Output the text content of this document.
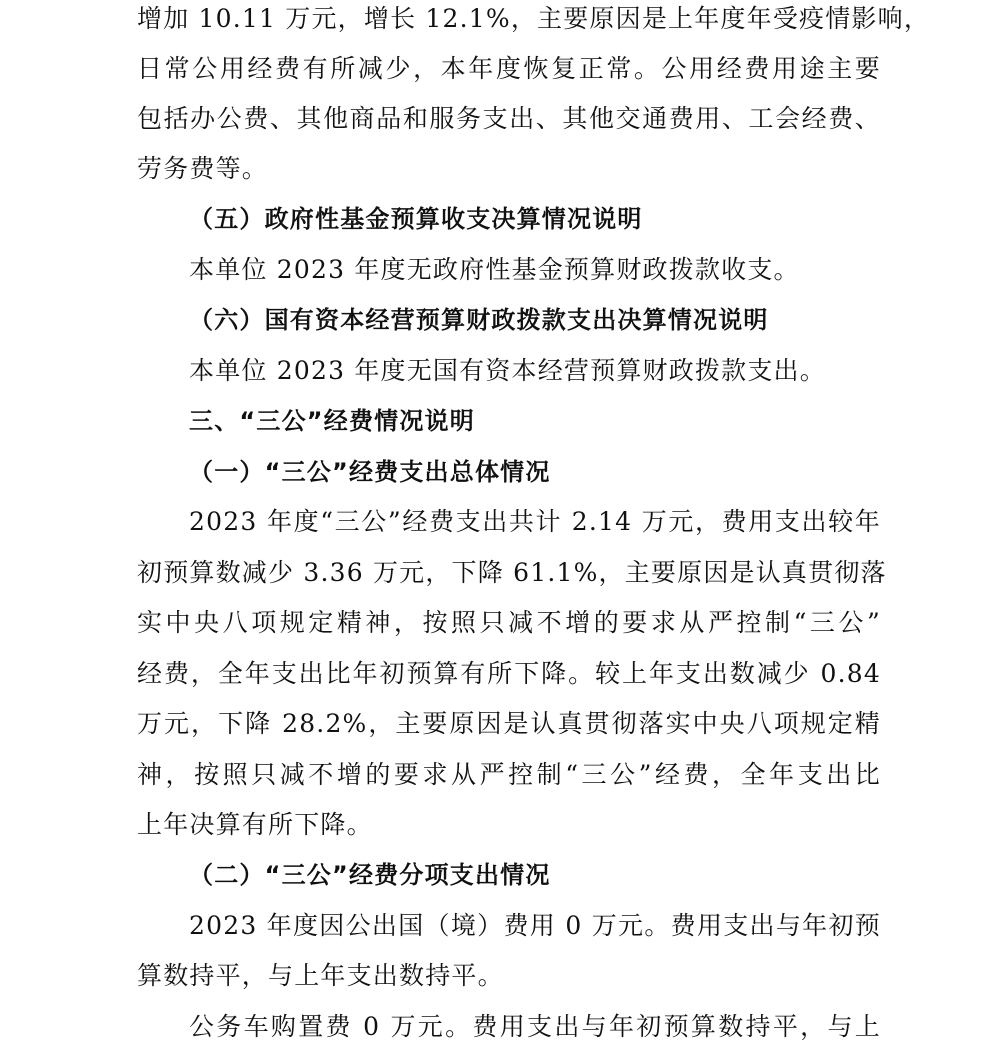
增加 10.11 万元，增长 12.1%，主要原因是上年度年受疫情影响，
日常公用经费有所减少，本年度恢复正常。公用经费用途主要
包括办公费、其他商品和服务支出、其他交通费用、工会经费、
劳务费等。
（五）政府性基金预算收支决算情况说明
本单位 2023 年度无政府性基金预算财政拨款收支。
（六）国有资本经营预算财政拨款支出决算情况说明
本单位 2023 年度无国有资本经营预算财政拨款支出。
三、“三公”经费情况说明
（一）“三公”经费支出总体情况
2023 年度“三公”经费支出共计 2.14 万元，费用支出较年
初预算数减少 3.36 万元，下降 61.1%，主要原因是认真贯彻落
实中央八项规定精神，按照只减不增的要求从严控制“三公”
经费，全年支出比年初预算有所下降。较上年支出数减少 0.84
万元，下降 28.2%，主要原因是认真贯彻落实中央八项规定精
神，按照只减不增的要求从严控制“三公”经费，全年支出比
上年决算有所下降。
（二）“三公”经费分项支出情况
2023 年度因公出国（境）费用 0 万元。费用支出与年初预
算数持平，与上年支出数持平。
公务车购置费 0 万元。费用支出与年初预算数持平，与上
